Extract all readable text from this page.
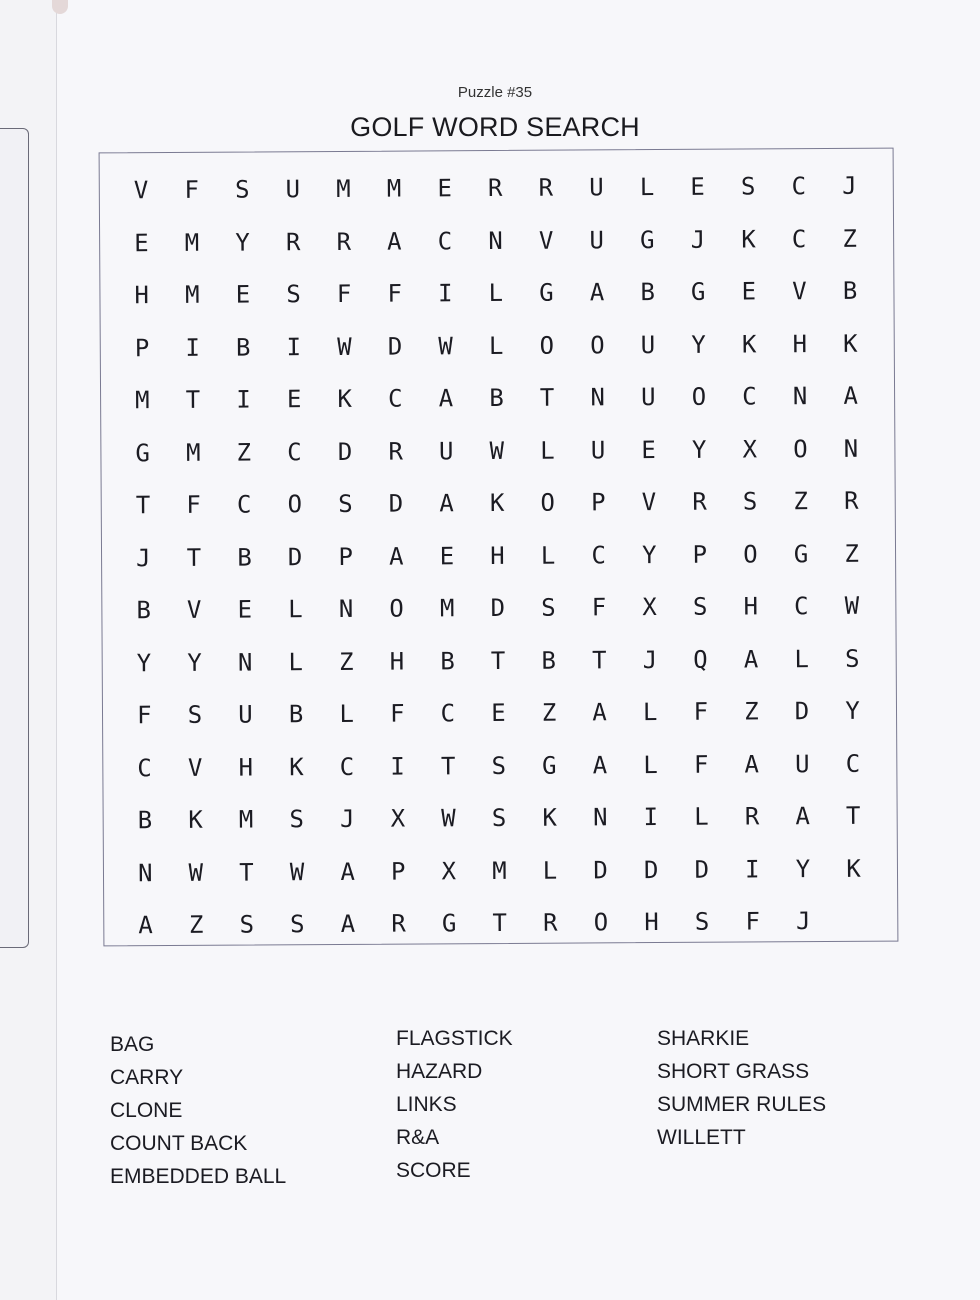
Puzzle #35
GOLF WORD SEARCH
V	F	S	U	M	M	E	R	R	U	L	E	S	C	J
E	M	Y	R	R	A	C	N	V	U	G	J	K	C	Z
H	M	E	S	F	F	I	L	G	A	B	G	E	V	B
P	I	B	I	W	D	W	L	O	O	U	Y	K	H	K
M	T	I	E	K	C	A	B	T	N	U	O	C	N	A
G	M	Z	C	D	R	U	W	L	U	E	Y	X	O	N
T	F	C	O	S	D	A	K	O	P	V	R	S	Z	R
J	T	B	D	P	A	E	H	L	C	Y	P	O	G	Z
B	V	E	L	N	O	M	D	S	F	X	S	H	C	W
Y	Y	N	L	Z	H	B	T	B	T	J	Q	A	L	S
F	S	U	B	L	F	C	E	Z	A	L	F	Z	D	Y
C	V	H	K	C	I	T	S	G	A	L	F	A	U	C
B	K	M	S	J	X	W	S	K	N	I	L	R	A	T
N	W	T	W	A	P	X	M	L	D	D	D	I	Y	K
A	Z	S	S	A	R	G	T	R	O	H	S	F	J
BAG
CARRY
CLONE
COUNT BACK
EMBEDDED BALL
FLAGSTICK
HAZARD
LINKS
R&A
SCORE
SHARKIE
SHORT GRASS
SUMMER RULES
WILLETT
